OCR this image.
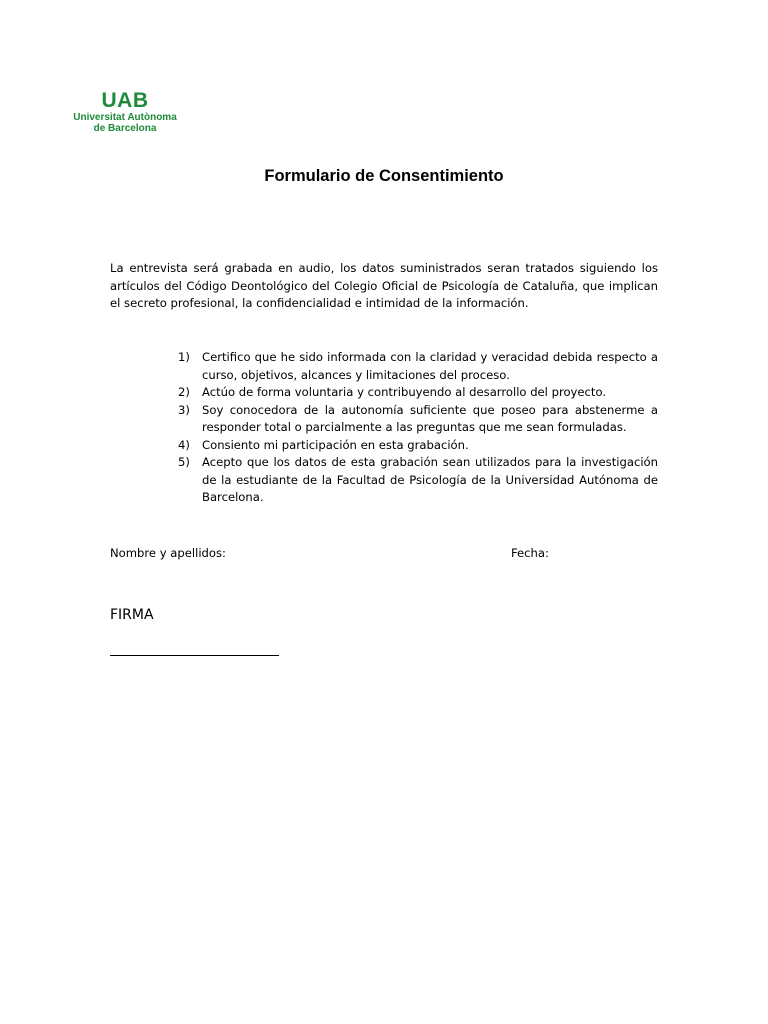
UAB
Universitat Autònoma
de Barcelona
Formulario de Consentimiento

La entrevista será grabada en audio, los datos suministrados seran tratados siguiendo los artículos del Código Deontológico del Colegio Oficial de Psicología de Cataluña, que implican el secreto profesional, la confidencialidad e intimidad de la información.

1)	Certifico que he sido informada con la claridad y veracidad debida respecto a curso, objetivos, alcances y limitaciones del proceso.
2)	Actúo de forma voluntaria y contribuyendo al desarrollo del proyecto.
3)	Soy conocedora de la autonomía suficiente que poseo para abstenerme a responder total o parcialmente a las preguntas que me sean formuladas.
4)	Consiento mi participación en esta grabación.
5)	Acepto que los datos de esta grabación sean utilizados para la investigación de la estudiante de la Facultad de Psicología de la Universidad Autónoma de Barcelona.
Nombre y apellidos:	Fecha:
FIRMA
